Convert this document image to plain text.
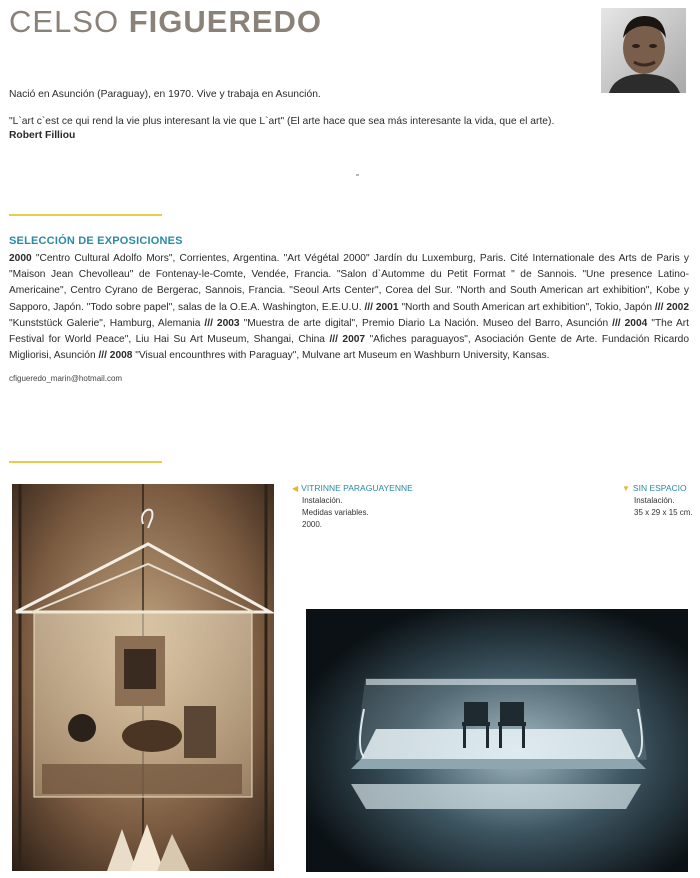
CELSO FIGUEREDO
Nació en Asunción (Paraguay), en 1970. Vive y trabaja en Asunción.
"L`art c`est ce qui rend la vie plus interesant la vie que L`art" (El arte hace que sea más interesante la vida, que el arte).
Robert Filliou
SELECCIÓN DE EXPOSICIONES
2000 "Centro Cultural Adolfo Mors", Corrientes, Argentina. "Art Végétal 2000" Jardín du Luxemburg, Paris. Cité Internationale des Arts de Paris y "Maison Jean Chevolleau" de Fontenay-le-Comte, Vendée, Francia. "Salon d`Automme du Petit Format " de Sannois. "Une presence Latino-Americaine", Centro Cyrano de Bergerac, Sannois, Francia. "Seoul Arts Center", Corea del Sur. "North and South American art exhibition", Kobe y Sapporo, Japón. "Todo sobre papel", salas de la O.E.A. Washington, E.E.U.U. /// 2001 "North and South American art exhibition", Tokio, Japón /// 2002 "Kunststück Galerie", Hamburg, Alemania /// 2003 "Muestra de arte digital", Premio Diario La Nación. Museo del Barro, Asunción /// 2004 "The Art Festival for World Peace", Liu Hai Su Art Museum, Shangai, China /// 2007 "Afiches paraguayos", Asociación Gente de Arte. Fundación Ricardo Migliorisi, Asunción /// 2008 "Visual encounthres with Paraguay", Mulvane art Museum en Washburn University, Kansas.
cfigueredo_marin@hotmail.com
◀ VITRINNE PARAGUAYENNE
Instalación.
Medidas variables.
2000.
▼ SIN ESPACIO
Instalación.
35 x 29 x 15 cm.
